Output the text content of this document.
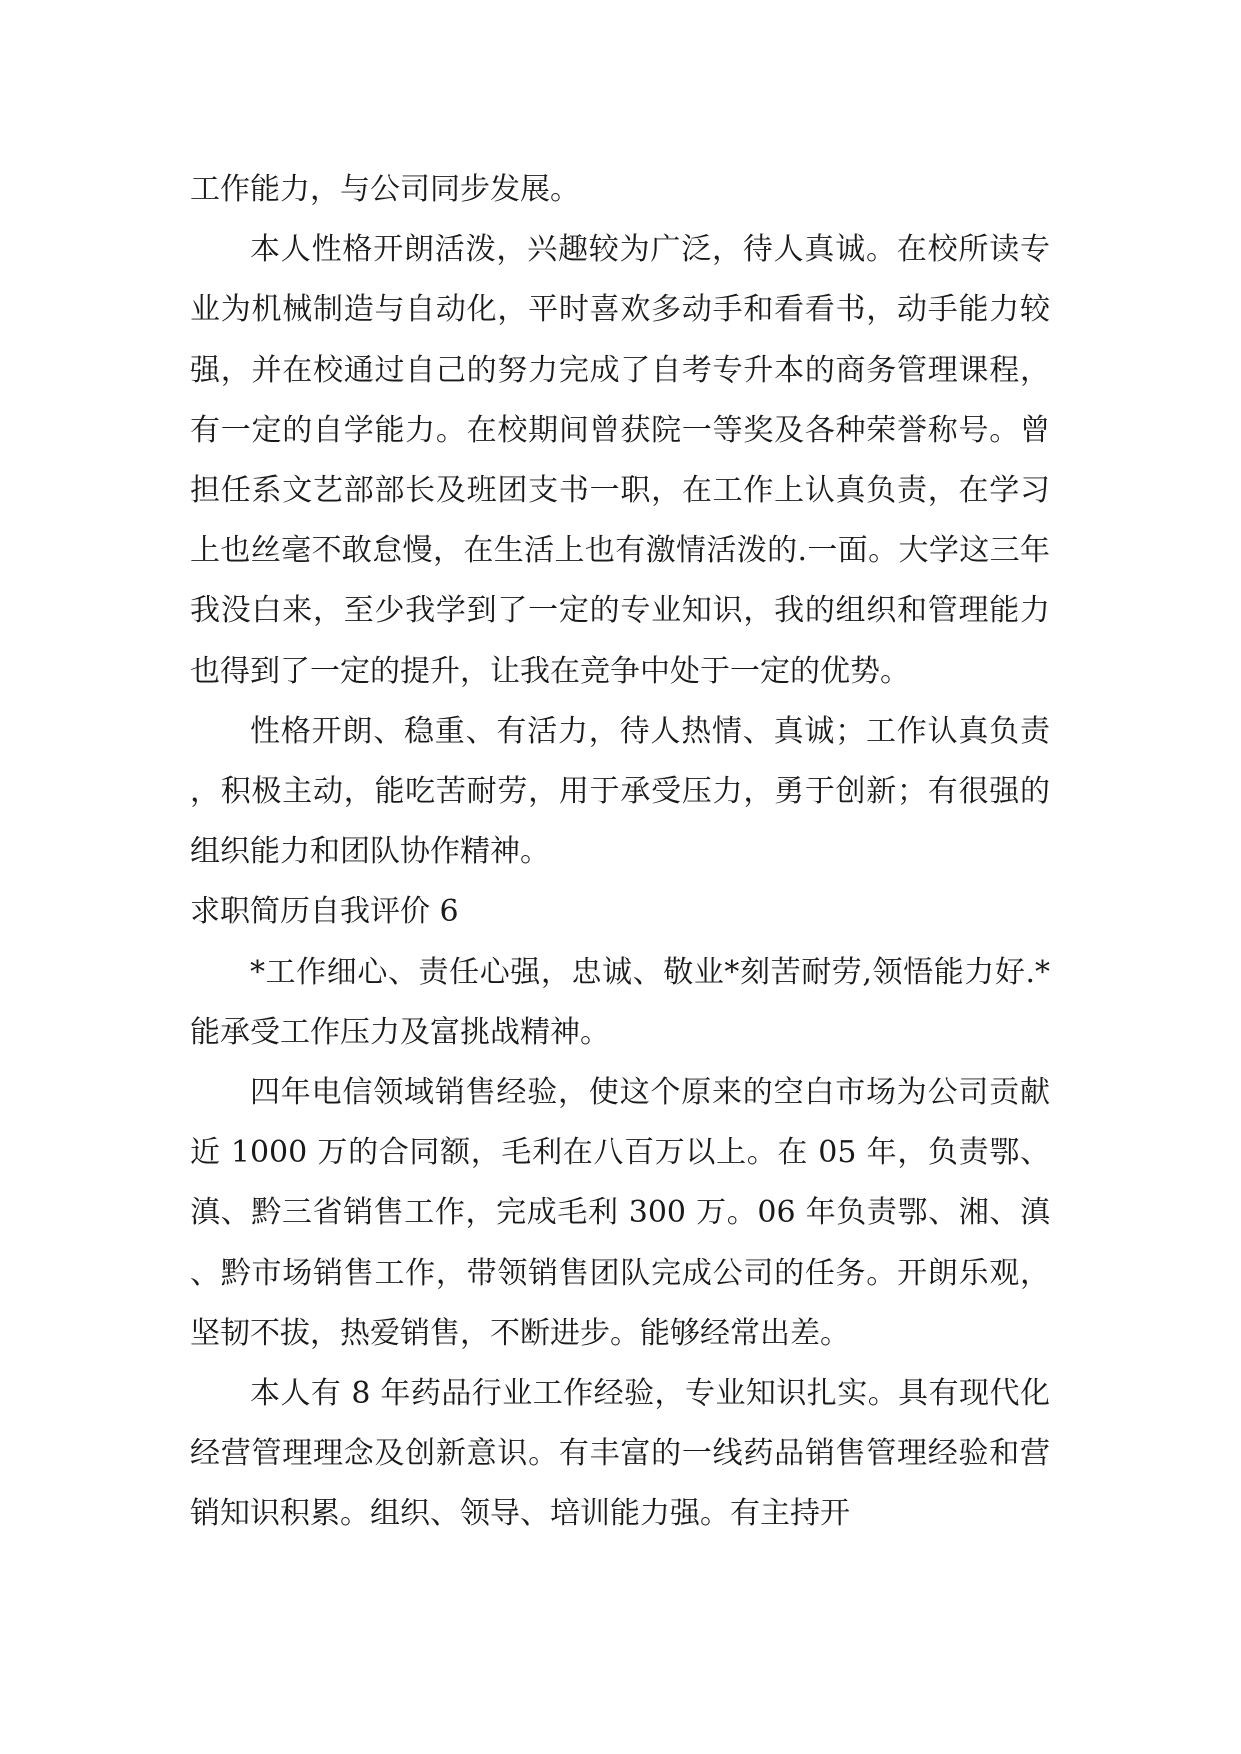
工作能力，与公司同步发展。

本人性格开朗活泼，兴趣较为广泛，待人真诚。在校所读专业为机械制造与自动化，平时喜欢多动手和看看书，动手能力较强，并在校通过自己的努力完成了自考专升本的商务管理课程，有一定的自学能力。在校期间曾获院一等奖及各种荣誉称号。曾担任系文艺部部长及班团支书一职，在工作上认真负责，在学习上也丝毫不敢怠慢，在生活上也有激情活泼的.一面。大学这三年我没白来，至少我学到了一定的专业知识，我的组织和管理能力也得到了一定的提升，让我在竞争中处于一定的优势。

性格开朗、稳重、有活力，待人热情、真诚；工作认真负责，积极主动，能吃苦耐劳，用于承受压力，勇于创新；有很强的组织能力和团队协作精神。

求职简历自我评价 6

*工作细心、责任心强，忠诚、敬业*刻苦耐劳,领悟能力好.*能承受工作压力及富挑战精神。

四年电信领域销售经验，使这个原来的空白市场为公司贡献近 1000 万的合同额，毛利在八百万以上。在 05 年，负责鄂、滇、黔三省销售工作，完成毛利 300 万。06 年负责鄂、湘、滇、黔市场销售工作，带领销售团队完成公司的任务。开朗乐观，坚韧不拔，热爱销售，不断进步。能够经常出差。

本人有 8 年药品行业工作经验，专业知识扎实。具有现代化经营管理理念及创新意识。有丰富的一线药品销售管理经验和营销知识积累。组织、领导、培训能力强。有主持开
